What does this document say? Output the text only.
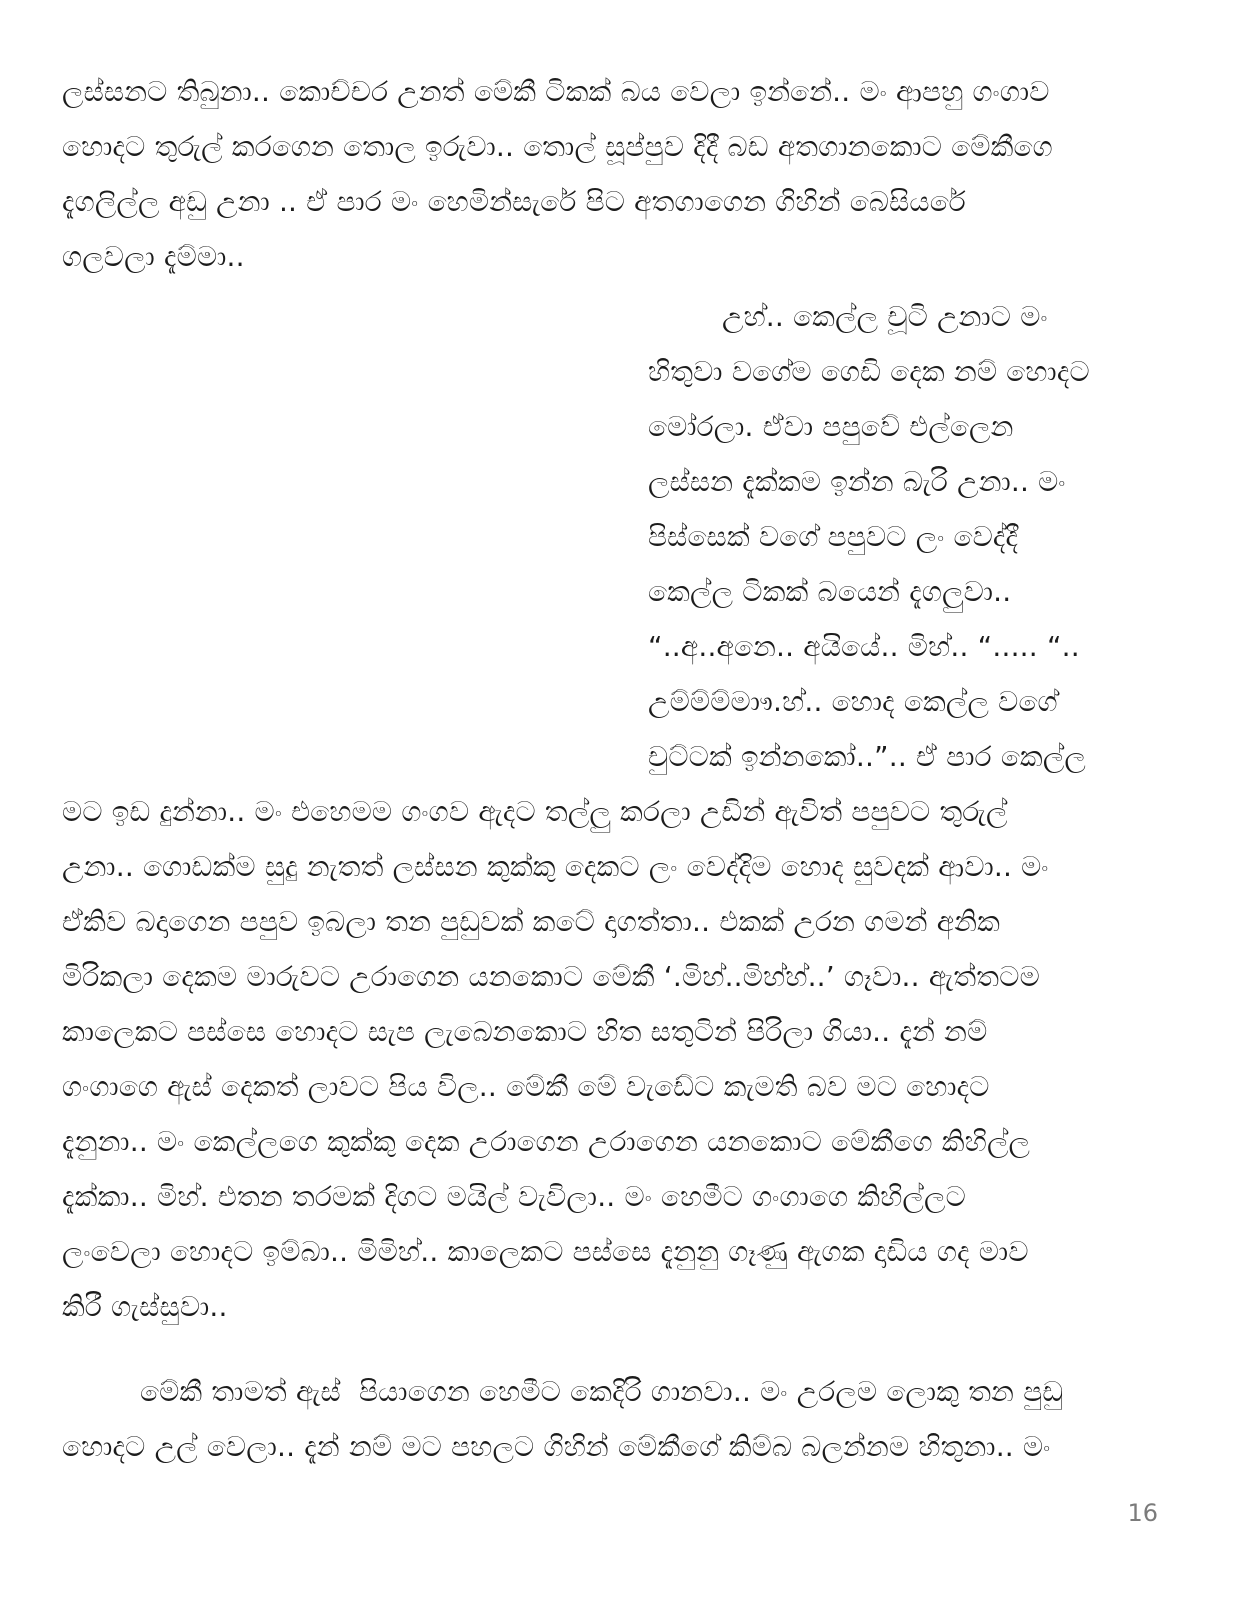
ලස්සනට තිබුනා.. කොච්චර උනත් මේකී ටිකක් බය වෙලා ඉන්නේ.. මං ආපහු ගංගාව
හොදට තුරුල් කරගෙන තොල ඉරුවා.. තොල් සූප්පුව දිදී බඩ අතගානකොට මේකීගෙ
දැගලිල්ල අඩු උනා .. ඒ පාර මං හෙමින්සැරේ පිට අතගාගෙන ගිහින් බෙසියරේ
ගලවලා දැම්මා..
උහ්.. කෙල්ල චූටි උනාට මං
හිතුවා වගේම ගෙඩි දෙක නම් හොදට
මෝරලා. ඒවා පපුවේ එල්ලෙන
ලස්සන දැක්කම ඉන්න බැරි උනා.. මං
පිස්සෙක් වගේ පපුවට ලං වෙද්දී
කෙල්ල ටිකක් බයෙන් දැගලුවා..
“..අ..අනෙ.. අයියේ.. මිහ්.. “..... “..
උම්ම්ම්මාෟ.හ්.. හොද කෙල්ල වගේ
චුට්ටක් ඉන්නකෝ..”.. ඒ පාර කෙල්ල
මට ඉඩ දුන්නා.. මං එහෙමම ගංගව ඇදට තල්ලු කරලා උඩින් ඇවිත් පපුවට තුරුල්
උනා.. ගොඩක්ම සුදු නැතත් ලස්සන කුක්කු දෙකට ලං වෙද්දිම හොද සුවදක් ආවා.. මං
ඒකිව බදාගෙන පපුව ඉබලා තන පුඩුවක් කටේ දාගත්තා.. එකක් උරන ගමන් අනික
මිරිකලා දෙකම මාරුවට උරාගෙන යනකොට මේකී ‘.මිහ්..මිහ්හ්..’ ගෑවා.. ඇත්තටම
කාලෙකට පස්සෙ හොදට සැප ලැබෙනකොට හිත සතුටින් පිරිලා ගියා.. දැන් නම්
ගංගාගෙ ඇස් දෙකත් ලාවට පිය විල.. මේකී මේ වැඩේට කැමති බව මට හොදට
දැනුනා.. මං කෙල්ලගෙ කුක්කු දෙක උරාගෙන උරාගෙන යනකොට මේකීගෙ කිහිල්ල
දැක්කා.. මිහ්. එතන තරමක් දිගට මයිල් වැවිලා.. මං හෙමීට ගංගාගෙ කිහිල්ලට
ලංවෙලා හොදට ඉම්බා.. මිමිහ්.. කාලෙකට පස්සෙ දැනුනු ගෑණු ඇගක දාඩිය ගද මාව
කිරී ගැස්සුවා..
මේකී තාමත් ඇස්  පියාගෙන හෙමීට කෙදිරි ගානවා.. මං උරලම ලොකු තන පුඩු
හොදට උල් වෙලා.. දැන් නම් මට පහලට ගිහින් මේකීගේ කිම්බ බලන්නම හිතුනා.. මං
16
